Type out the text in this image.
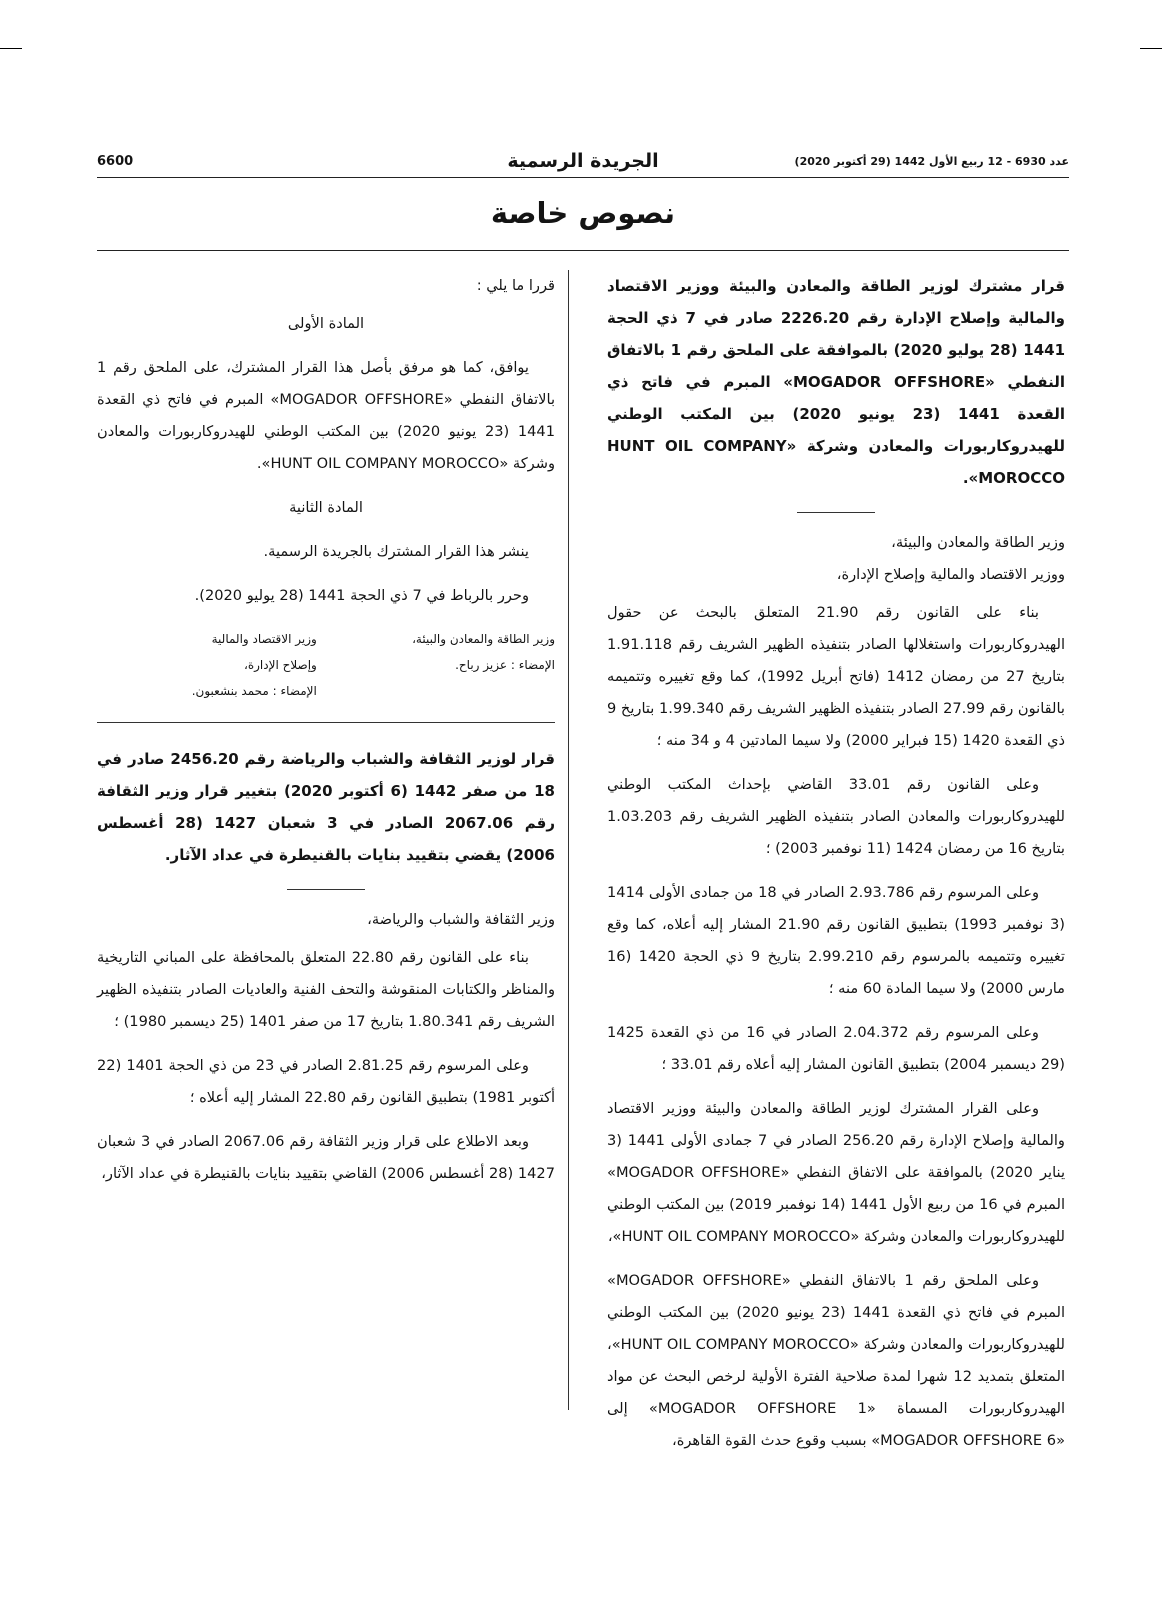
6600	الجريدة الرسمية	عدد 6930 - 12 ربيع الأول 1442 (29 أكتوبر 2020)
نصوص خاصة

قرار مشترك لوزير الطاقة والمعادن والبيئة ووزير الاقتصاد والمالية وإصلاح الإدارة رقم 2226.20 صادر في 7 ذي الحجة 1441 (28 يوليو 2020) بالموافقة على الملحق رقم 1 بالاتفاق النفطي «MOGADOR OFFSHORE» المبرم في فاتح ذي القعدة 1441 (23 يونيو 2020) بين المكتب الوطني للهيدروكاربورات والمعادن وشركة «HUNT OIL COMPANY MOROCCO».

وزير الطاقة والمعادن والبيئة،

ووزير الاقتصاد والمالية وإصلاح الإدارة،

بناء على القانون رقم 21.90 المتعلق بالبحث عن حقول الهيدروكاربورات واستغلالها الصادر بتنفيذه الظهير الشريف رقم 1.91.118 بتاريخ 27 من رمضان 1412 (فاتح أبريل 1992)، كما وقع تغييره وتتميمه بالقانون رقم 27.99 الصادر بتنفيذه الظهير الشريف رقم 1.99.340 بتاريخ 9 ذي القعدة 1420 (15 فبراير 2000) ولا سيما المادتين 4 و 34 منه ؛

وعلى القانون رقم 33.01 القاضي بإحداث المكتب الوطني للهيدروكاربورات والمعادن الصادر بتنفيذه الظهير الشريف رقم 1.03.203 بتاريخ 16 من رمضان 1424 (11 نوفمبر 2003) ؛

وعلى المرسوم رقم 2.93.786 الصادر في 18 من جمادى الأولى 1414 (3 نوفمبر 1993) بتطبيق القانون رقم 21.90 المشار إليه أعلاه، كما وقع تغييره وتتميمه بالمرسوم رقم 2.99.210 بتاريخ 9 ذي الحجة 1420 (16 مارس 2000) ولا سيما المادة 60 منه ؛

وعلى المرسوم رقم 2.04.372 الصادر في 16 من ذي القعدة 1425 (29 ديسمبر 2004) بتطبيق القانون المشار إليه أعلاه رقم 33.01 ؛

وعلى القرار المشترك لوزير الطاقة والمعادن والبيئة ووزير الاقتصاد والمالية وإصلاح الإدارة رقم 256.20 الصادر في 7 جمادى الأولى 1441 (3 يناير 2020) بالموافقة على الاتفاق النفطي «MOGADOR OFFSHORE» المبرم في 16 من ربيع الأول 1441 (14 نوفمبر 2019) بين المكتب الوطني للهيدروكاربورات والمعادن وشركة «HUNT OIL COMPANY MOROCCO»،

وعلى الملحق رقم 1 بالاتفاق النفطي «MOGADOR OFFSHORE» المبرم في فاتح ذي القعدة 1441 (23 يونيو 2020) بين المكتب الوطني للهيدروكاربورات والمعادن وشركة «HUNT OIL COMPANY MOROCCO»، المتعلق بتمديد 12 شهرا لمدة صلاحية الفترة الأولية لرخص البحث عن مواد الهيدروكاربورات المسماة «MOGADOR OFFSHORE 1» إلى «MOGADOR OFFSHORE 6» بسبب وقوع حدث القوة القاهرة،

قررا ما يلي :

المادة الأولى

يوافق، كما هو مرفق بأصل هذا القرار المشترك، على الملحق رقم 1 بالاتفاق النفطي «MOGADOR OFFSHORE» المبرم في فاتح ذي القعدة 1441 (23 يونيو 2020) بين المكتب الوطني للهيدروكاربورات والمعادن وشركة «HUNT OIL COMPANY MOROCCO».

المادة الثانية

ينشر هذا القرار المشترك بالجريدة الرسمية.

وحرر بالرباط في 7 ذي الحجة 1441 (28 يوليو 2020).

وزير الطاقة والمعادن والبيئة،
الإمضاء : عزيز رباح.
وزير الاقتصاد والمالية
وإصلاح الإدارة،
الإمضاء : محمد بنشعبون.

قرار لوزير الثقافة والشباب والرياضة رقم 2456.20 صادر في 18 من صفر 1442 (6 أكتوبر 2020) بتغيير قرار وزير الثقافة رقم 2067.06 الصادر في 3 شعبان 1427 (28 أغسطس 2006) يقضي بتقييد بنايات بالقنيطرة في عداد الآثار.

وزير الثقافة والشباب والرياضة،

بناء على القانون رقم 22.80 المتعلق بالمحافظة على المباني التاريخية والمناظر والكتابات المنقوشة والتحف الفنية والعاديات الصادر بتنفيذه الظهير الشريف رقم 1.80.341 بتاريخ 17 من صفر 1401 (25 ديسمبر 1980) ؛

وعلى المرسوم رقم 2.81.25 الصادر في 23 من ذي الحجة 1401 (22 أكتوبر 1981) بتطبيق القانون رقم 22.80 المشار إليه أعلاه ؛

وبعد الاطلاع على قرار وزير الثقافة رقم 2067.06 الصادر في 3 شعبان 1427 (28 أغسطس 2006) القاضي بتقييد بنايات بالقنيطرة في عداد الآثار،
